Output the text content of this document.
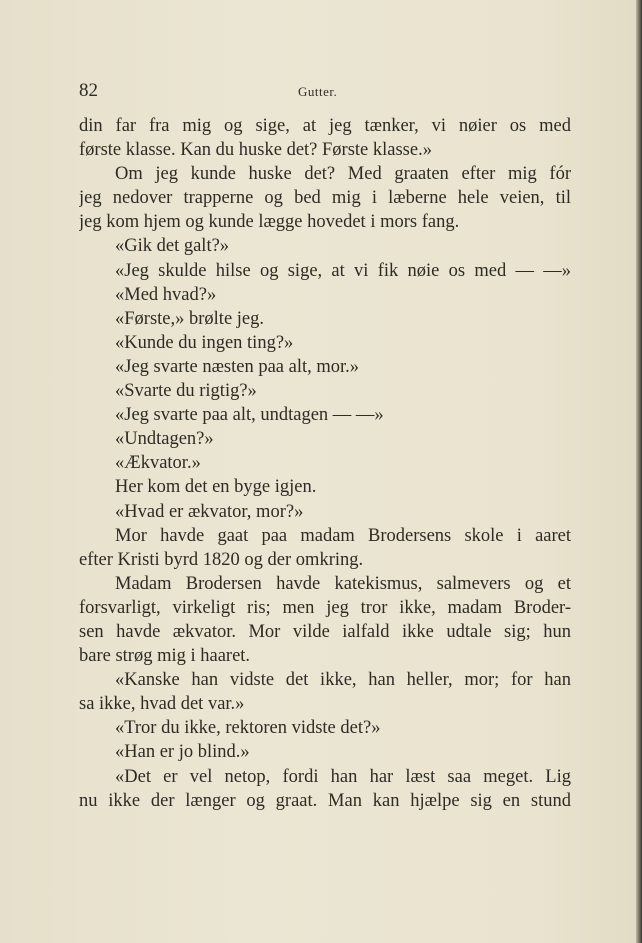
82	Gutter.
din far fra mig og sige, at jeg tænker, vi nøier os med
første klasse. Kan du huske det? Første klasse.»
Om jeg kunde huske det? Med graaten efter mig fór
jeg nedover trapperne og bed mig i læberne hele veien, til
jeg kom hjem og kunde lægge hovedet i mors fang.
«Gik det galt?»
«Jeg skulde hilse og sige, at vi fik nøie os med — —»
«Med hvad?»
«Første,» brølte jeg.
«Kunde du ingen ting?»
«Jeg svarte næsten paa alt, mor.»
«Svarte du rigtig?»
«Jeg svarte paa alt, undtagen — —»
«Undtagen?»
«Ækvator.»
Her kom det en byge igjen.
«Hvad er ækvator, mor?»
Mor havde gaat paa madam Brodersens skole i aaret
efter Kristi byrd 1820 og der omkring.
Madam Brodersen havde katekismus, salmevers og et
forsvarligt, virkeligt ris; men jeg tror ikke, madam Broder-
sen havde ækvator. Mor vilde ialfald ikke udtale sig; hun
bare strøg mig i haaret.
«Kanske han vidste det ikke, han heller, mor; for han
sa ikke, hvad det var.»
«Tror du ikke, rektoren vidste det?»
«Han er jo blind.»
«Det er vel netop, fordi han har læst saa meget. Lig
nu ikke der længer og graat. Man kan hjælpe sig en stund
